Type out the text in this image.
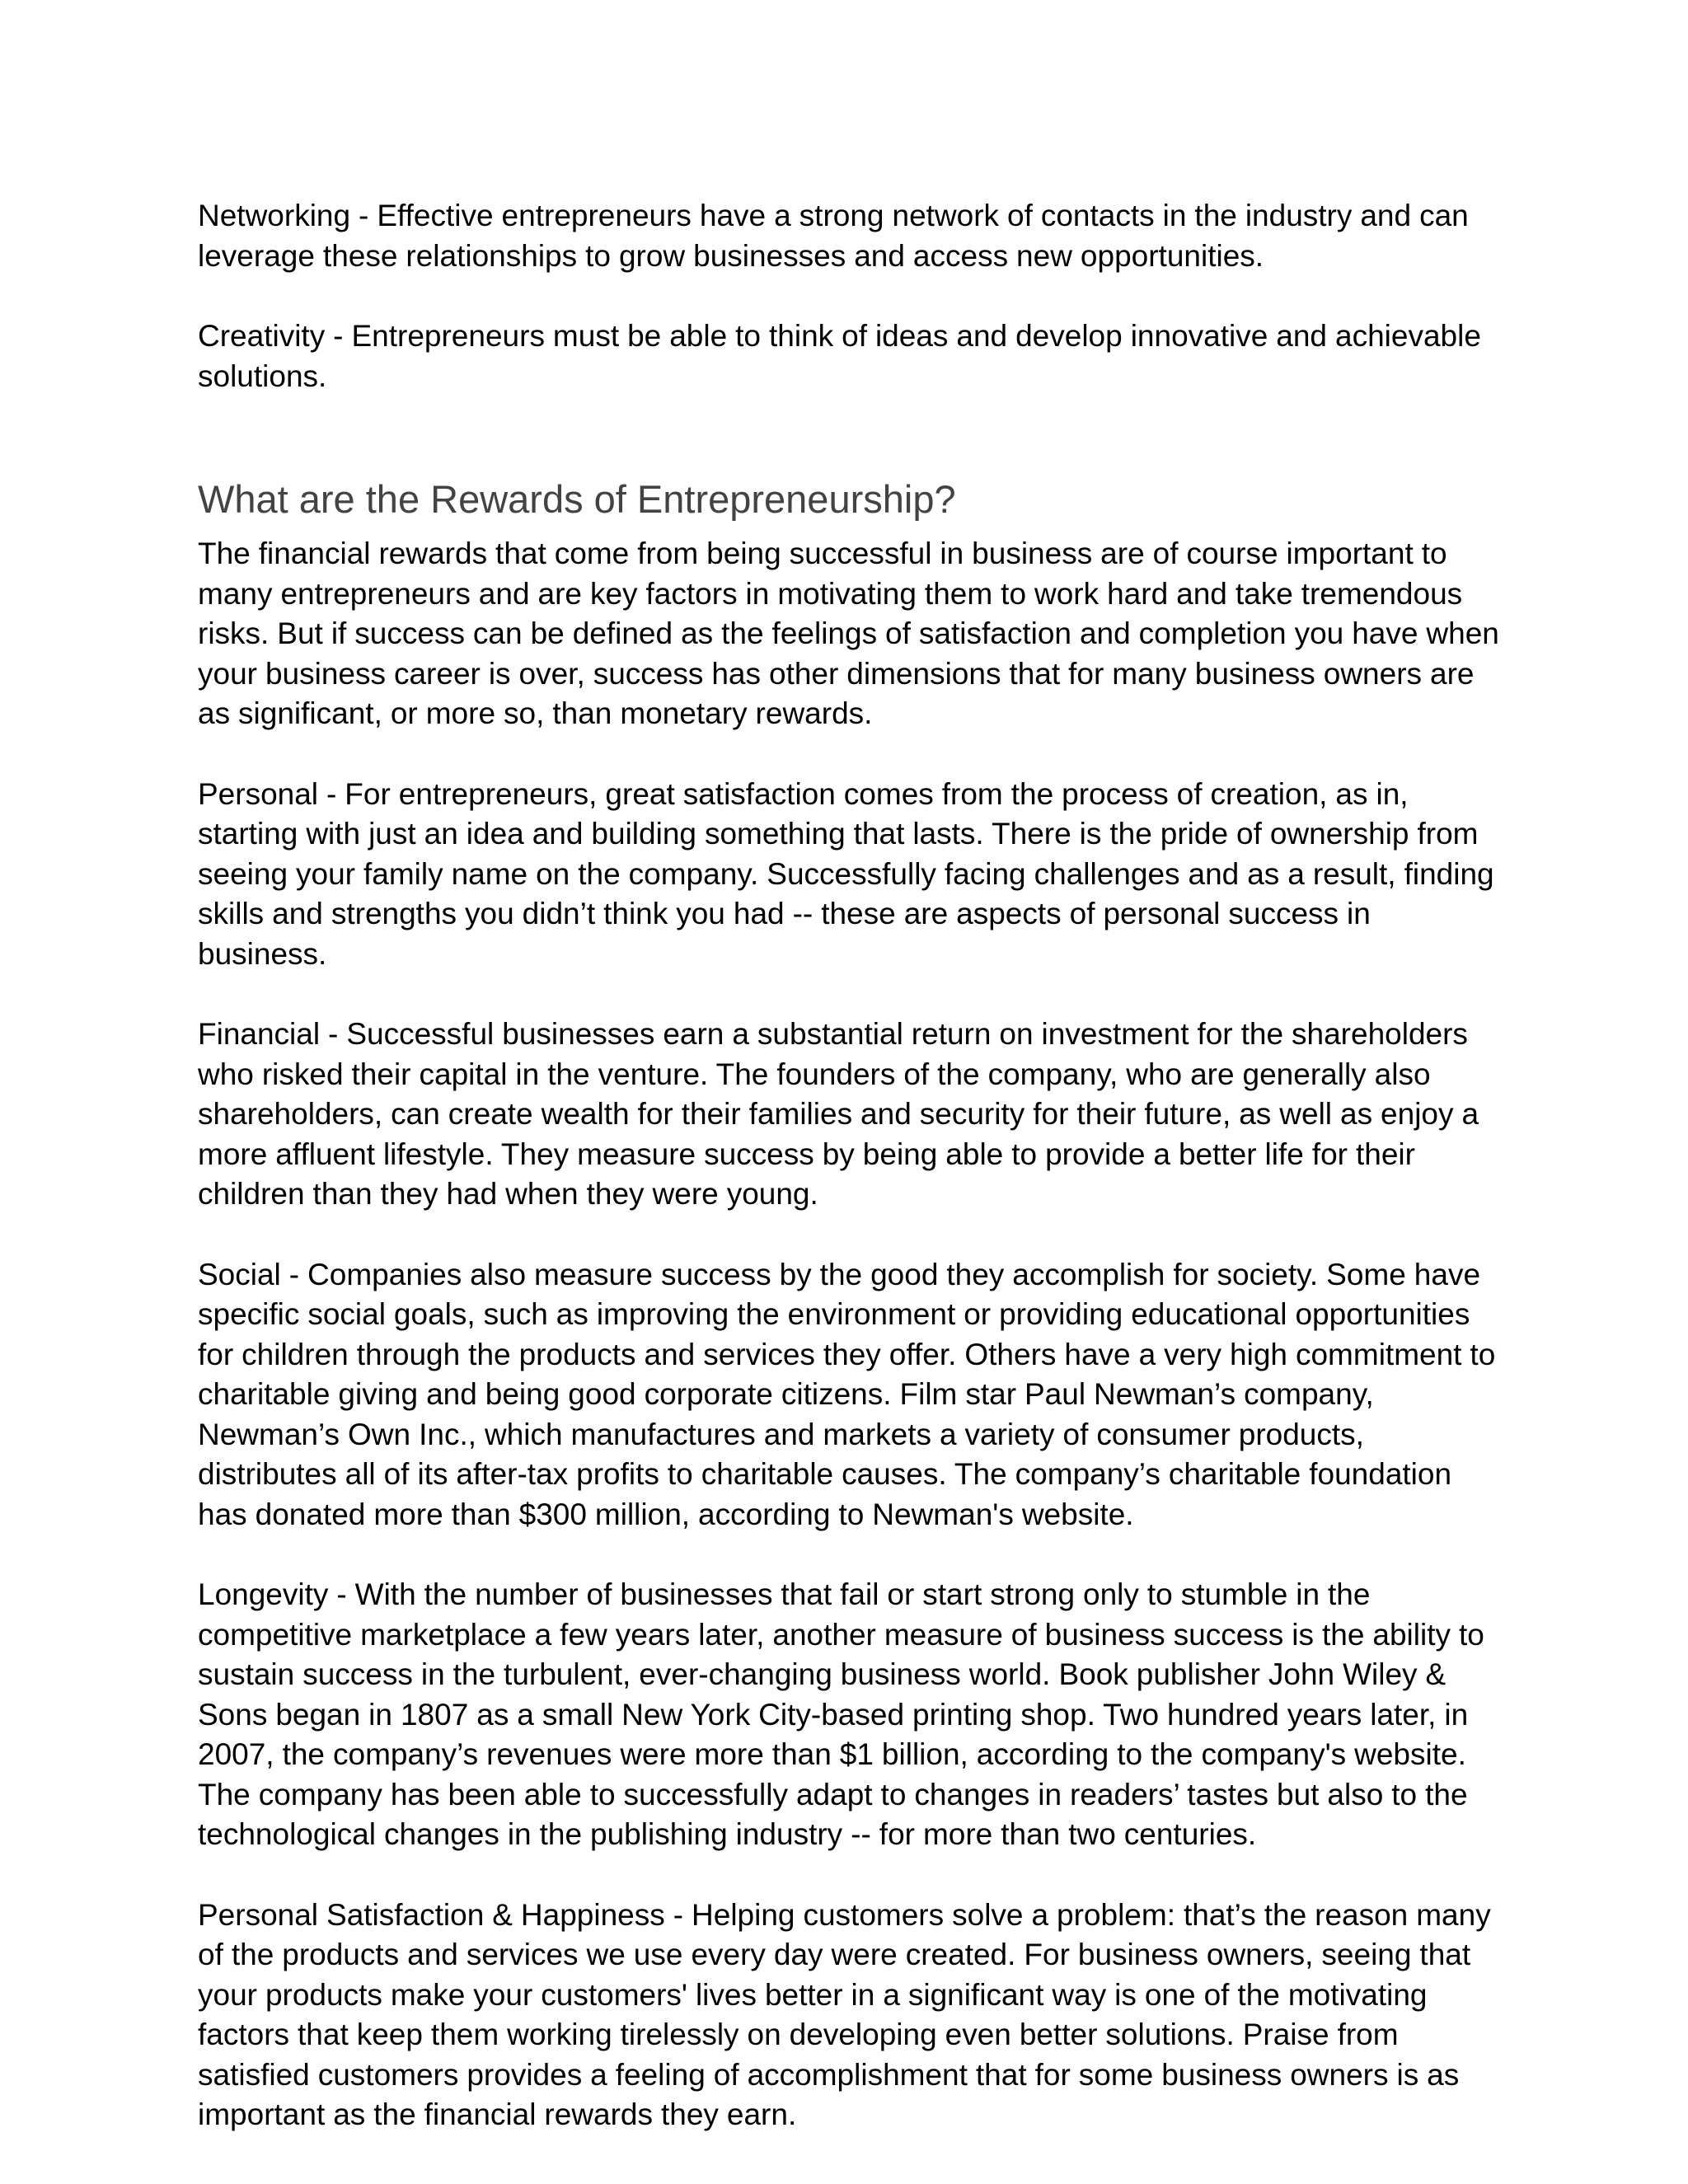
Networking - Effective entrepreneurs have a strong network of contacts in the industry and can leverage these relationships to grow businesses and access new opportunities.

Creativity - Entrepreneurs must be able to think of ideas and develop innovative and achievable solutions.

What are the Rewards of Entrepreneurship?

The financial rewards that come from being successful in business are of course important to many entrepreneurs and are key factors in motivating them to work hard and take tremendous risks. But if success can be defined as the feelings of satisfaction and completion you have when your business career is over, success has other dimensions that for many business owners are as significant, or more so, than monetary rewards.

Personal - For entrepreneurs, great satisfaction comes from the process of creation, as in, starting with just an idea and building something that lasts. There is the pride of ownership from seeing your family name on the company. Successfully facing challenges and as a result, finding skills and strengths you didn’t think you had -- these are aspects of personal success in business.

Financial - Successful businesses earn a substantial return on investment for the shareholders who risked their capital in the venture. The founders of the company, who are generally also shareholders, can create wealth for their families and security for their future, as well as enjoy a more affluent lifestyle. They measure success by being able to provide a better life for their children than they had when they were young.

Social - Companies also measure success by the good they accomplish for society. Some have specific social goals, such as improving the environment or providing educational opportunities for children through the products and services they offer. Others have a very high commitment to charitable giving and being good corporate citizens. Film star Paul Newman’s company, Newman’s Own Inc., which manufactures and markets a variety of consumer products, distributes all of its after-tax profits to charitable causes. The company’s charitable foundation has donated more than $300 million, according to Newman's website.

Longevity - With the number of businesses that fail or start strong only to stumble in the competitive marketplace a few years later, another measure of business success is the ability to sustain success in the turbulent, ever-changing business world. Book publisher John Wiley & Sons began in 1807 as a small New York City-based printing shop. Two hundred years later, in 2007, the company’s revenues were more than $1 billion, according to the company's website. The company has been able to successfully adapt to changes in readers’ tastes but also to the technological changes in the publishing industry -- for more than two centuries.

Personal Satisfaction & Happiness - Helping customers solve a problem: that’s the reason many of the products and services we use every day were created. For business owners, seeing that your products make your customers' lives better in a significant way is one of the motivating factors that keep them working tirelessly on developing even better solutions. Praise from satisfied customers provides a feeling of accomplishment that for some business owners is as important as the financial rewards they earn.
